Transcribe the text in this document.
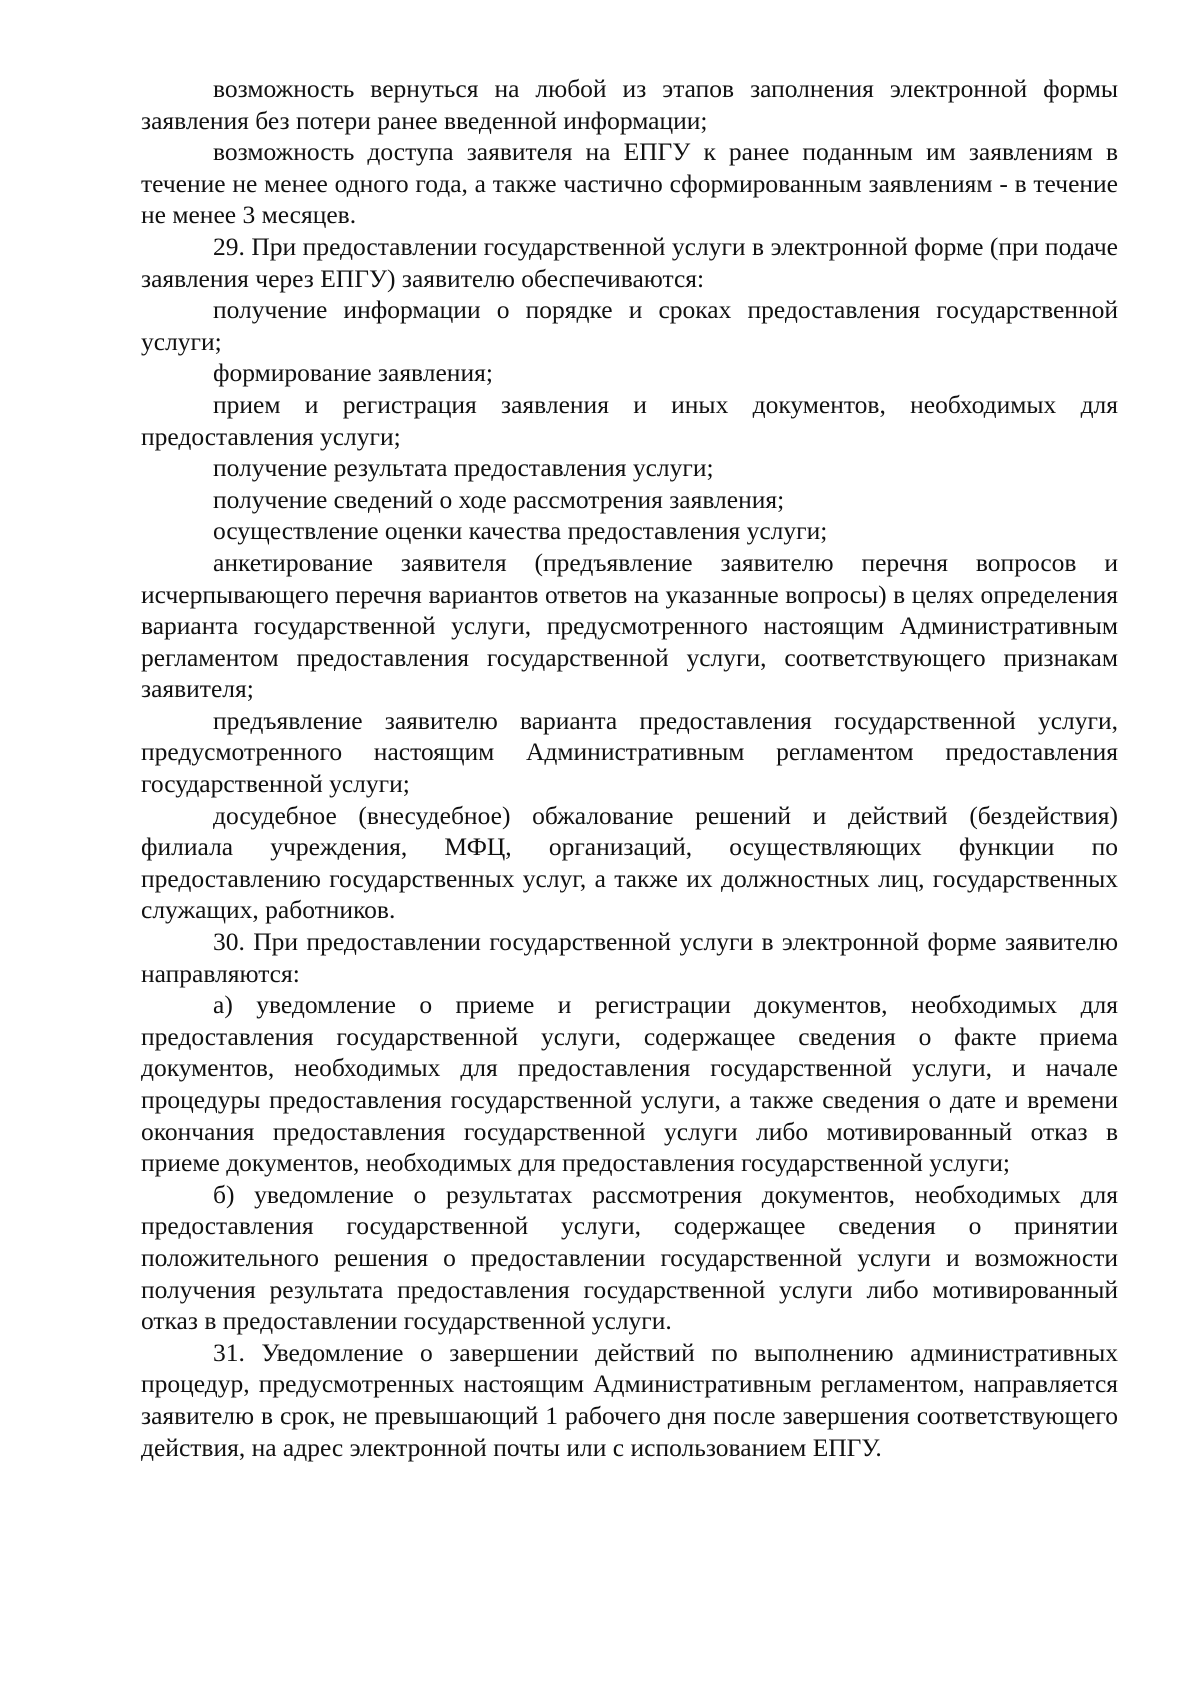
возможность вернуться на любой из этапов заполнения электронной формы заявления без потери ранее введенной информации;

возможность доступа заявителя на ЕПГУ к ранее поданным им заявлениям в течение не менее одного года, а также частично сформированным заявлениям - в течение не менее 3 месяцев.

29. При предоставлении государственной услуги в электронной форме (при подаче заявления через ЕПГУ) заявителю обеспечиваются:

получение информации о порядке и сроках предоставления государственной услуги;

формирование заявления;

прием и регистрация заявления и иных документов, необходимых для предоставления услуги;

получение результата предоставления услуги;

получение сведений о ходе рассмотрения заявления;

осуществление оценки качества предоставления услуги;

анкетирование заявителя (предъявление заявителю перечня вопросов и исчерпывающего перечня вариантов ответов на указанные вопросы) в целях определения варианта государственной услуги, предусмотренного настоящим Административным регламентом предоставления государственной услуги, соответствующего признакам заявителя;

предъявление заявителю варианта предоставления государственной услуги, предусмотренного настоящим Административным регламентом предоставления государственной услуги;

досудебное (внесудебное) обжалование решений и действий (бездействия) филиала учреждения, МФЦ, организаций, осуществляющих функции по предоставлению государственных услуг, а также их должностных лиц, государственных служащих, работников.

30. При предоставлении государственной услуги в электронной форме заявителю направляются:

а) уведомление о приеме и регистрации документов, необходимых для предоставления государственной услуги, содержащее сведения о факте приема документов, необходимых для предоставления государственной услуги, и начале процедуры предоставления государственной услуги, а также сведения о дате и времени окончания предоставления государственной услуги либо мотивированный отказ в приеме документов, необходимых для предоставления государственной услуги;

б) уведомление о результатах рассмотрения документов, необходимых для предоставления государственной услуги, содержащее сведения о принятии положительного решения о предоставлении государственной услуги и возможности получения результата предоставления государственной услуги либо мотивированный отказ в предоставлении государственной услуги.

31. Уведомление о завершении действий по выполнению административных процедур, предусмотренных настоящим Административным регламентом, направляется заявителю в срок, не превышающий 1 рабочего дня после завершения соответствующего действия, на адрес электронной почты или с использованием ЕПГУ.
